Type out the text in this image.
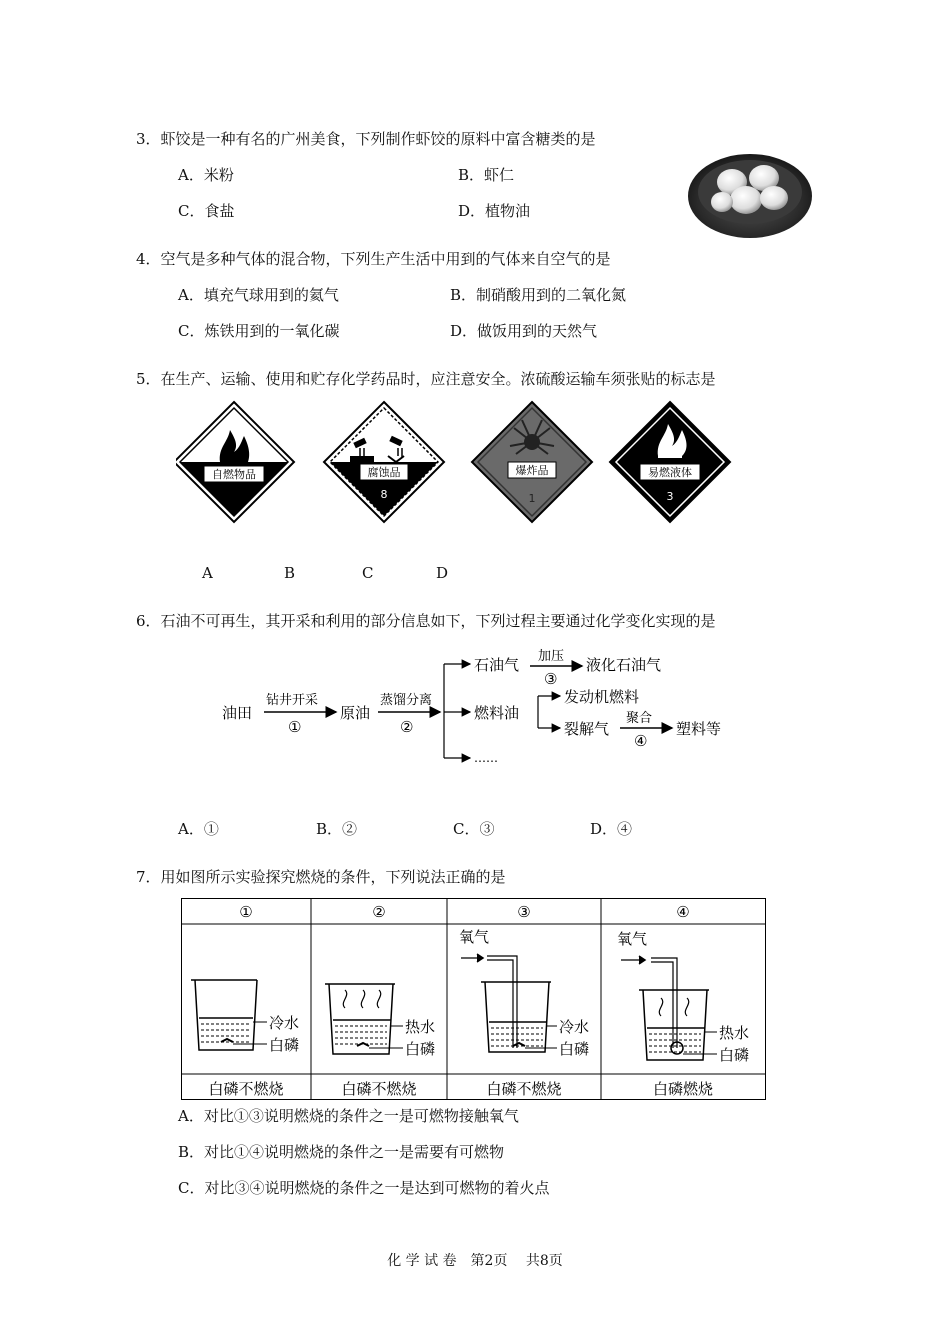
3．虾饺是一种有名的广州美食，下列制作虾饺的原料中富含糖类的是
A．米粉	B．虾仁
C．食盐	D．植物油
4．空气是多种气体的混合物，下列生产生活中用到的气体来自空气的是
A．填充气球用到的氦气	B．制硝酸用到的二氧化氮
C．炼铁用到的一氧化碳	D．做饭用到的天然气
5．在生产、运输、使用和贮存化学药品时，应注意安全。浓硫酸运输车须张贴的标志是
自燃物品	腐蚀品
8
爆炸品
1
易燃液体
3
A	B	C	D
6．石油不可再生，其开采和利用的部分信息如下，下列过程主要通过化学变化实现的是
油田
钻井开采
①
原油
蒸馏分离
②
石油气 加压
③
液化石油气
燃料油
发动机燃料
裂解气
聚合
④
塑料等
……
A．①	B．②	C．③	D．④
7．用如图所示实验探究燃烧的条件，下列说法正确的是
①	②	③	④
白磷不燃烧	白磷不燃烧	白磷不燃烧	白磷燃烧
冷水
白磷
热水
白磷
氧气
冷水
白磷
氧气
热水
白磷
A．对比①③说明燃烧的条件之一是可燃物接触氧气
B．对比①④说明燃烧的条件之一是需要有可燃物
C．对比③④说明燃烧的条件之一是达到可燃物的着火点
化 学 试 卷　第2页　 共8页
